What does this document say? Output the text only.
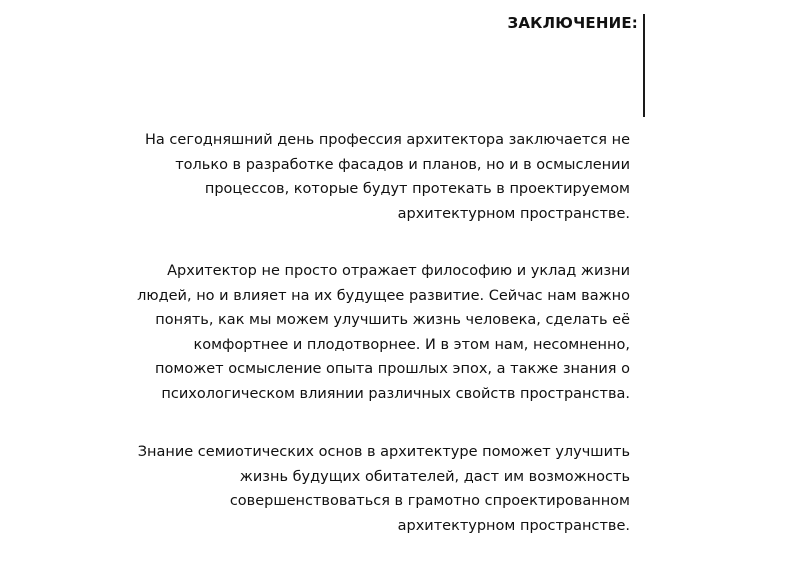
ЗАКЛЮЧЕНИЕ:
На сегодняшний день профессия архитектора заключается не
только в разработке фасадов и планов, но и в осмыслении
процессов, которые будут протекать в проектируемом
архитектурном пространстве.
Архитектор не просто отражает философию и уклад жизни
людей, но и влияет на их будущее развитие. Сейчас нам важно
понять, как мы можем улучшить жизнь человека, сделать её
комфортнее и плодотворнее. И в этом нам, несомненно,
поможет осмысление опыта прошлых эпох, а также знания о
психологическом влиянии различных свойств пространства.
Знание семиотических основ в архитектуре поможет улучшить
жизнь будущих обитателей, даст им возможность
совершенствоваться в грамотно спроектированном
архитектурном пространстве.
